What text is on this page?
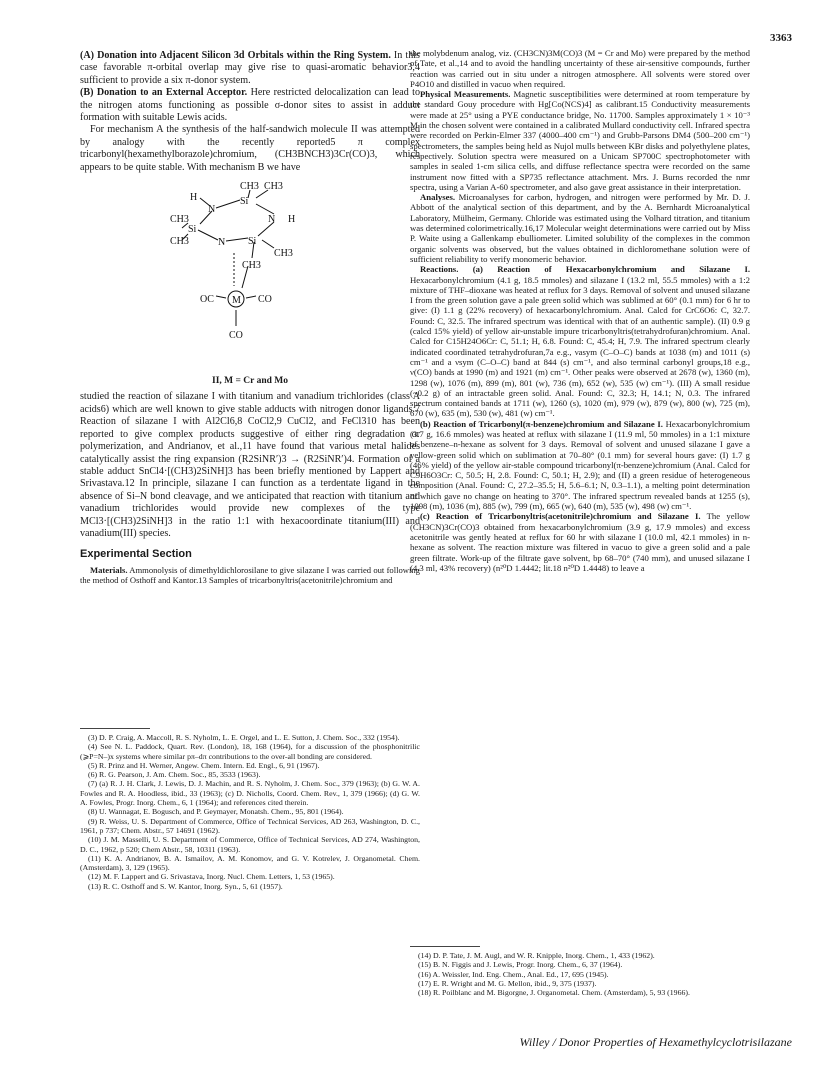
3363

(A) Donation into Adjacent Silicon 3d Orbitals within the Ring System. In this case favorable π-orbital overlap may give rise to quasi-aromatic behavior3,4 sufficient to provide a six π-donor system.

(B) Donation to an External Acceptor. Here restricted delocalization can lead to the nitrogen atoms functioning as possible σ-donor sites to assist in adduct formation with suitable Lewis acids.

For mechanism A the synthesis of the half-sandwich molecule II was attempted by analogy with the recently reported5 π complex tricarbonyl(hexamethylborazole)chromium, (CH3BNCH3)3Cr(CO)3, which appears to be quite stable. With mechanism B we have

H
N
Si
CH3 CH3
CH3
CH3
Si
N H
N Si
CH3
CH3
OC M CO
CO
II, M = Cr and Mo

studied the reaction of silazane I with titanium and vanadium trichlorides (class A acids6) which are well known to give stable adducts with nitrogen donor ligands.7 Reaction of silazane I with Al2Cl6,8 CoCl2,9 CuCl2, and FeCl310 has been reported to give complex products suggestive of either ring degradation or polymerization, and Andrianov, et al.,11 have found that various metal halides catalytically assist the ring expansion (R2SiNR′)3 → (R2SiNR′)4. Formation of a stable adduct SnCl4·[(CH3)2SiNH]3 has been briefly mentioned by Lappert and Srivastava.12 In principle, silazane I can function as a terdentate ligand in the absence of Si–N bond cleavage, and we anticipated that reaction with titanium and vanadium trichlorides would provide new complexes of the type MCl3·[(CH3)2SiNH]3 in the ratio 1:1 with hexacoordinate titanium(III) and vanadium(III) species.

Experimental Section

Materials. Ammonolysis of dimethyldichlorosilane to give silazane I was carried out following the method of Osthoff and Kantor.13 Samples of tricarbonyltris(acetonitrile)chromium and

(3) D. P. Craig, A. Maccoll, R. S. Nyholm, L. E. Orgel, and L. E. Sutton, J. Chem. Soc., 332 (1954).
(4) See N. L. Paddock, Quart. Rev. (London), 18, 168 (1964), for a discussion of the phosphonitrilic (⩾P=N–)x systems where similar pπ–dπ contributions to the over-all bonding are considered.
(5) R. Prinz and H. Werner, Angew. Chem. Intern. Ed. Engl., 6, 91 (1967).
(6) R. G. Pearson, J. Am. Chem. Soc., 85, 3533 (1963).
(7) (a) R. J. H. Clark, J. Lewis, D. J. Machin, and R. S. Nyholm, J. Chem. Soc., 379 (1963); (b) G. W. A. Fowles and R. A. Hoodless, ibid., 33 (1963); (c) D. Nicholls, Coord. Chem. Rev., 1, 379 (1966); (d) G. W. A. Fowles, Progr. Inorg. Chem., 6, 1 (1964); and references cited therein.
(8) U. Wannagat, E. Bogusch, and P. Geymayer, Monatsh. Chem., 95, 801 (1964).
(9) R. Weiss, U. S. Department of Commerce, Office of Technical Services, AD 263, Washington, D. C., 1961, p 737; Chem. Abstr., 57 14691 (1962).
(10) J. M. Masselli, U. S. Department of Commerce, Office of Technical Services, AD 274, Washington, D. C., 1962, p 520; Chem Abstr., 58, 10311 (1963).
(11) K. A. Andrianov, B. A. Ismailov, A. M. Konomov, and G. V. Kotrelev, J. Organometal. Chem. (Amsterdam), 3, 129 (1965).
(12) M. F. Lappert and G. Srivastava, Inorg. Nucl. Chem. Letters, 1, 53 (1965).
(13) R. C. Osthoff and S. W. Kantor, Inorg. Syn., 5, 61 (1957).

the molybdenum analog, viz. (CH3CN)3M(CO)3 (M = Cr and Mo) were prepared by the method of Tate, et al.,14 and to avoid the handling uncertainty of these air-sensitive compounds, further reaction was carried out in situ under a nitrogen atmosphere. All solvents were stored over P4O10 and distilled in vacuo when required.

Physical Measurements. Magnetic susceptibilities were determined at room temperature by the standard Gouy procedure with Hg[Co(NCS)4] as calibrant.15 Conductivity measurements were made at 25° using a PYE conductance bridge, No. 11700. Samples approximately 1 × 10⁻³ M in the chosen solvent were contained in a calibrated Mullard conductivity cell. Infrared spectra were recorded on Perkin-Elmer 337 (4000–400 cm⁻¹) and Grubb-Parsons DM4 (500–200 cm⁻¹) spectrometers, the samples being held as Nujol mulls between KBr disks and polyethylene plates, respectively. Solution spectra were measured on a Unicam SP700C spectrophotometer with samples in sealed 1-cm silica cells, and diffuse reflectance spectra were recorded on the same instrument now fitted with a SP735 reflectance attachment. Mrs. J. Burns recorded the nmr spectra, using a Varian A-60 spectrometer, and also gave great assistance in their interpretation.

Analyses. Microanalyses for carbon, hydrogen, and nitrogen were performed by Mr. D. J. Abbott of the analytical section of this department, and by the A. Bernhardt Microanalytical Laboratory, Mülheim, Germany. Chloride was estimated using the Volhard titration, and titanium was determined colorimetrically.16,17 Molecular weight determinations were carried out by Miss P. Waite using a Gallenkamp ebulliometer. Limited solubility of the complexes in the common organic solvents was observed, but the values obtained in dichloromethane solution were of sufficient reliability to verify monomeric behavior.

Reactions. (a) Reaction of Hexacarbonylchromium and Silazane I. Hexacarbonylchromium (4.1 g, 18.5 mmoles) and silazane I (13.2 ml, 55.5 mmoles) with a 1:2 mixture of THF–dioxane was heated at reflux for 3 days. Removal of solvent and unused silazane I from the green solution gave a pale green solid which was sublimed at 60° (0.1 mm) for 6 hr to give: (I) 1.1 g (22% recovery) of hexacarbonylchromium. Anal. Calcd for CrC6O6: C, 32.7. Found: C, 32.5. The infrared spectrum was identical with that of an authentic sample). (II) 0.9 g (calcd 15% yield) of yellow air-unstable impure tricarbonyltris(tetrahydrofuran)chromium. Anal. Calcd for C15H24O6Cr: C, 51.1; H, 6.8. Found: C, 45.4; H, 7.9. The infrared spectrum clearly indicated coordinated tetrahydrofuran,7a e.g., νasym (C–O–C) bands at 1038 (m) and 1011 (s) cm⁻¹ and a νsym (C–O–C) band at 844 (s) cm⁻¹, and also terminal carbonyl groups,18 e.g., ν(CO) bands at 1990 (m) and 1921 (m) cm⁻¹. Other peaks were observed at 2678 (w), 1360 (m), 1298 (w), 1076 (m), 899 (m), 801 (w), 736 (m), 652 (w), 535 (w) cm⁻¹). (III) A small residue (~0.2 g) of an intractable green solid. Anal. Found: C, 32.3; H, 14.1; N, 0.3. The infrared spectrum contained bands at 1711 (w), 1260 (s), 1020 (m), 979 (w), 879 (w), 800 (w), 725 (m), 670 (w), 635 (m), 530 (w), 481 (w) cm⁻¹.

(b) Reaction of Tricarbonyl(π-benzene)chromium and Silazane I. Hexacarbonylchromium (3.7 g, 16.6 mmoles) was heated at reflux with silazane I (11.9 ml, 50 mmoles) in a 1:1 mixture of benzene–n-hexane as solvent for 3 days. Removal of solvent and unused silazane I gave a yellow-green solid which on sublimation at 70–80° (0.1 mm) for several hours gave: (I) 1.7 g (46% yield) of the yellow air-stable compound tricarbonyl(π-benzene)chromium (Anal. Calcd for C9H6O3Cr: C, 50.5; H, 2.8. Found: C, 50.1; H, 2.9); and (II) a green residue of heterogeneous composition (Anal. Found: C, 27.2–35.5; H, 5.6–6.1; N, 0.3–1.1), a melting point determination of which gave no change on heating to 370°. The infrared spectrum revealed bands at 1255 (s), 1098 (m), 1036 (m), 885 (w), 799 (m), 665 (w), 640 (m), 535 (w), 498 (w) cm⁻¹.

(c) Reaction of Tricarbonyltris(acetonitrile)chromium and Silazane I. The yellow (CH3CN)3Cr(CO)3 obtained from hexacarbonylchromium (3.9 g, 17.9 mmoles) and excess acetonitrile was gently heated at reflux for 60 hr with silazane I (10.0 ml, 42.1 mmoles) in n-hexane as solvent. The reaction mixture was filtered in vacuo to give a green solid and a pale green filtrate. Work-up of the filtrate gave solvent, bp 68–70° (740 mm), and unused silazane I (4.3 ml, 43% recovery) (n²⁰D 1.4442; lit.18 n²⁰D 1.4448) to leave a

(14) D. P. Tate, J. M. Augl, and W. R. Knipple, Inorg. Chem., 1, 433 (1962).
(15) B. N. Figgis and J. Lewis, Progr. Inorg. Chem., 6, 37 (1964).
(16) A. Weissler, Ind. Eng. Chem., Anal. Ed., 17, 695 (1945).
(17) E. R. Wright and M. G. Mellon, ibid., 9, 375 (1937).
(18) R. Poilblanc and M. Bigorgne, J. Organometal. Chem. (Amsterdam), 5, 93 (1966).
Willey / Donor Properties of Hexamethylcyclotrisilazane
